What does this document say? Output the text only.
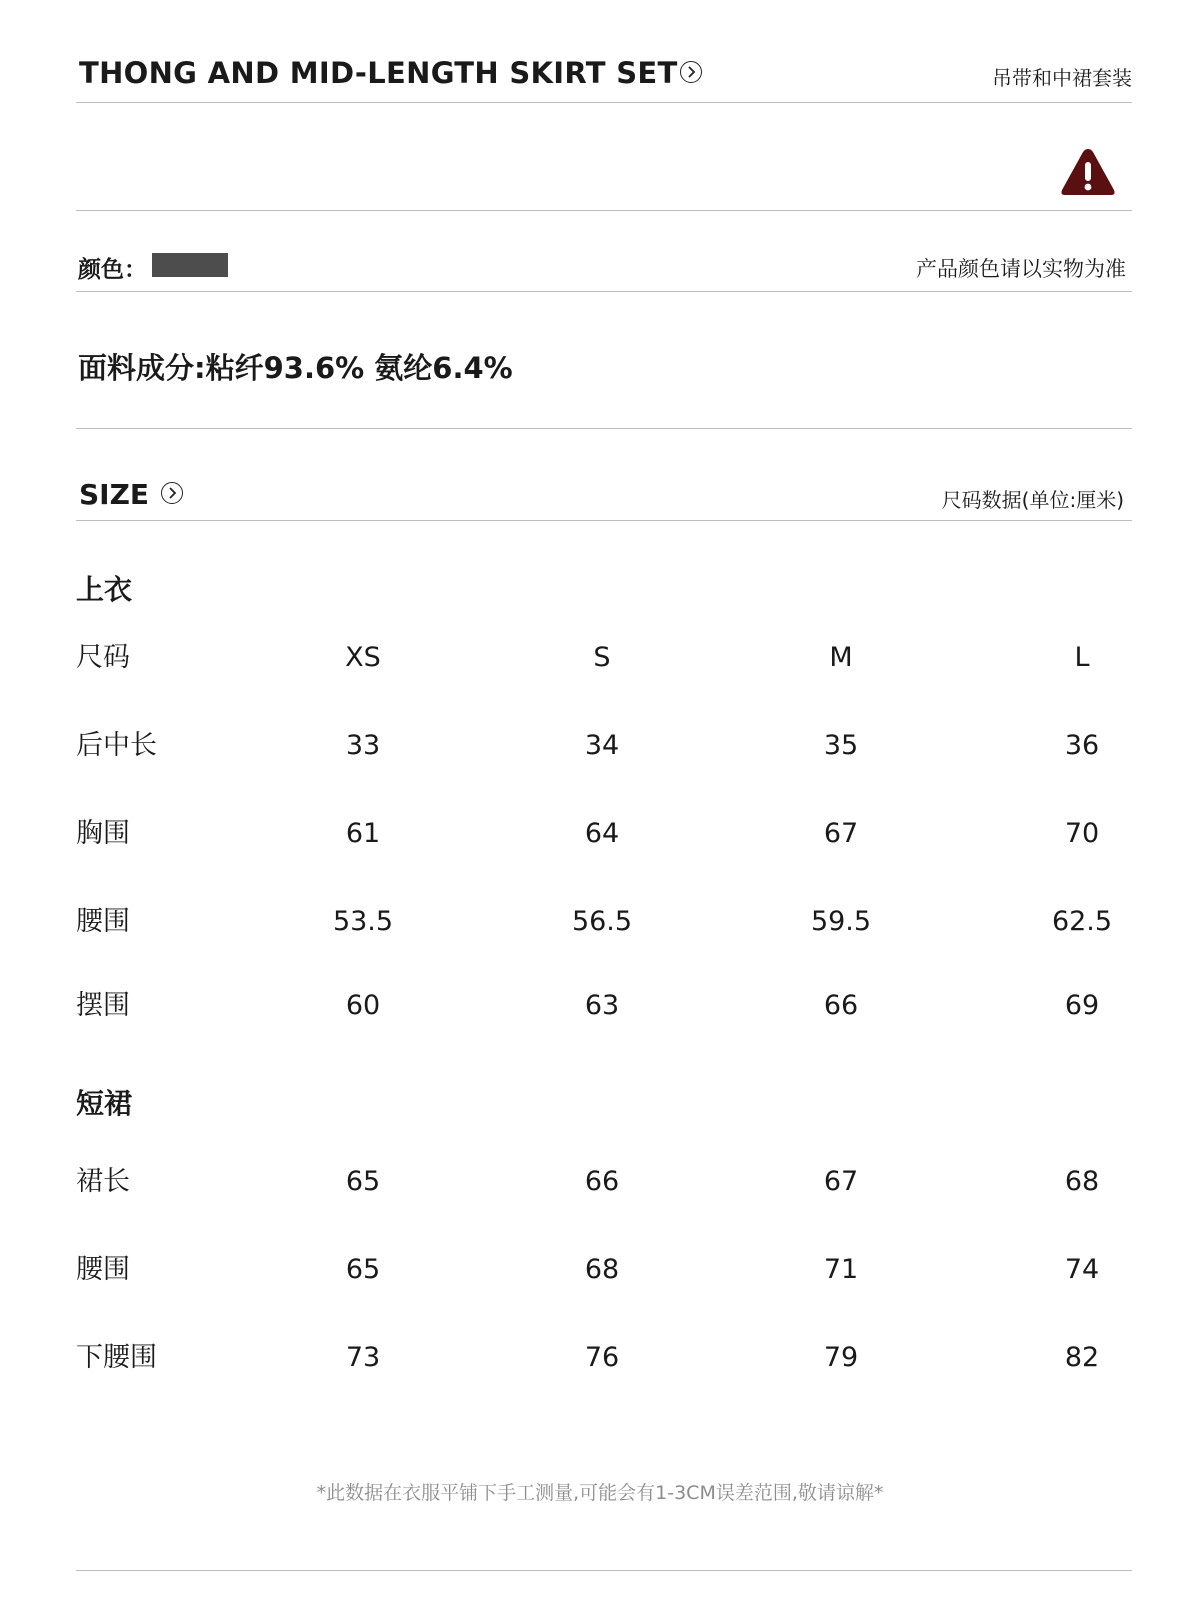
THONG AND MID-LENGTH SKIRT SET	吊带和中裙套装
颜色：	产品颜色请以实物为准
面料成分:粘纤93.6% 氨纶6.4%
SIZE	尺码数据(单位:厘米)
上衣
尺码	XS	S	M	L
后中长	33	34	35	36
胸围	61	64	67	70
腰围	53.5	56.5	59.5	62.5
摆围	60	63	66	69
短裙
裙长	65	66	67	68
腰围	65	68	71	74
下腰围	73	76	79	82
*此数据在衣服平铺下手工测量,可能会有1-3CM误差范围,敬请谅解*
